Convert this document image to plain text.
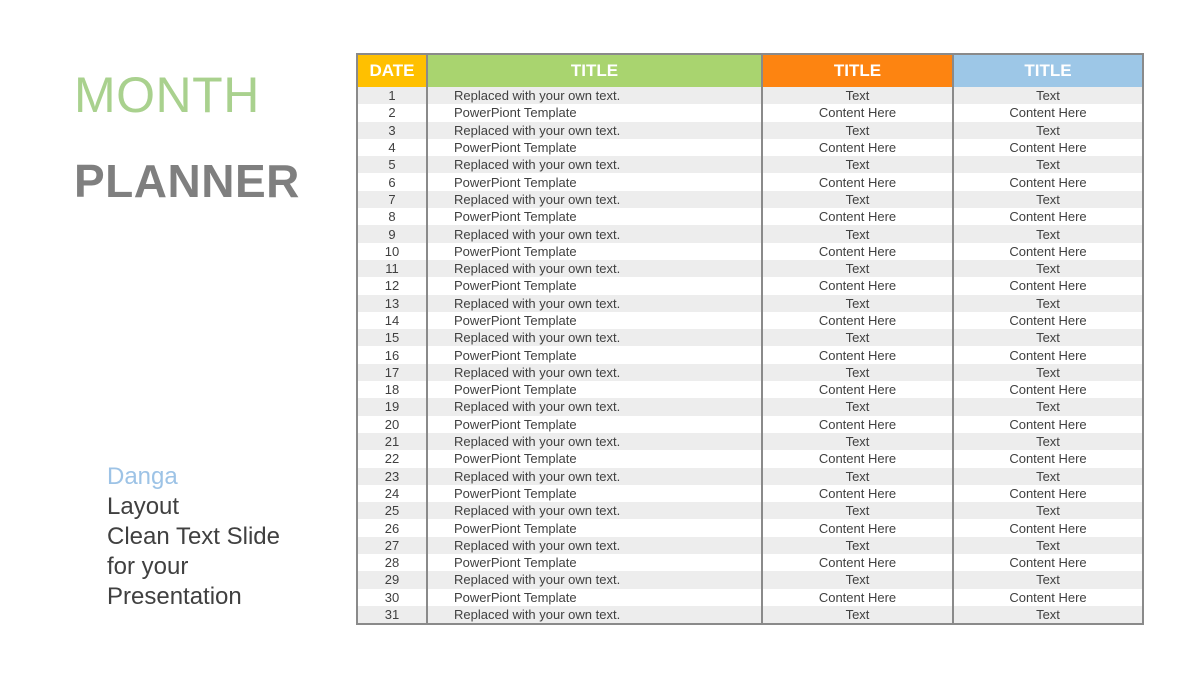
MONTH
PLANNER
Danga
Layout
Clean Text Slide
for your
Presentation
DATE	TITLE	TITLE	TITLE
1	Replaced with your own text.	Text	Text
2	PowerPiont Template	Content Here	Content Here
3	Replaced with your own text.	Text	Text
4	PowerPiont Template	Content Here	Content Here
5	Replaced with your own text.	Text	Text
6	PowerPiont Template	Content Here	Content Here
7	Replaced with your own text.	Text	Text
8	PowerPiont Template	Content Here	Content Here
9	Replaced with your own text.	Text	Text
10	PowerPiont Template	Content Here	Content Here
11	Replaced with your own text.	Text	Text
12	PowerPiont Template	Content Here	Content Here
13	Replaced with your own text.	Text	Text
14	PowerPiont Template	Content Here	Content Here
15	Replaced with your own text.	Text	Text
16	PowerPiont Template	Content Here	Content Here
17	Replaced with your own text.	Text	Text
18	PowerPiont Template	Content Here	Content Here
19	Replaced with your own text.	Text	Text
20	PowerPiont Template	Content Here	Content Here
21	Replaced with your own text.	Text	Text
22	PowerPiont Template	Content Here	Content Here
23	Replaced with your own text.	Text	Text
24	PowerPiont Template	Content Here	Content Here
25	Replaced with your own text.	Text	Text
26	PowerPiont Template	Content Here	Content Here
27	Replaced with your own text.	Text	Text
28	PowerPiont Template	Content Here	Content Here
29	Replaced with your own text.	Text	Text
30	PowerPiont Template	Content Here	Content Here
31	Replaced with your own text.	Text	Text
